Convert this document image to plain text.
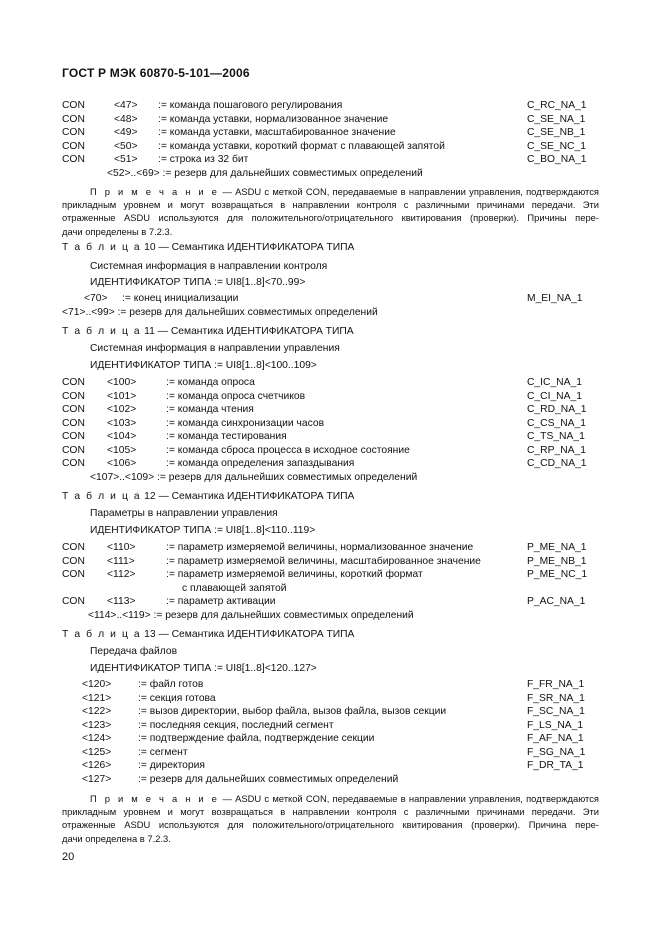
ГОСТ Р МЭК 60870-5-101—2006
CON	<47> := команда пошагового регулирования	C_RC_NA_1
CON	<48> := команда уставки, нормализованное значение	C_SE_NA_1
CON	<49> := команда уставки, масштабированное значение	C_SE_NB_1
CON	<50> := команда уставки, короткий формат с плавающей запятой	C_SE_NC_1
CON	<51> := строка из 32 бит	C_BO_NA_1
<52>..<69> := резерв для дальнейших совместимых определений
П р и м е ч а н и е — ASDU с меткой CON, передаваемые в направлении управления, подтверждаются
прикладным уровнем и могут возвращаться в направлении контроля с различными причинами передачи. Эти
отраженные ASDU используются для положительного/отрицательного квитирования (проверки). Причины пере-
дачи определены в 7.2.3.
Т а б л и ц а 10 — Семантика ИДЕНТИФИКАТОРА ТИПА
Системная информация в направлении контроля
ИДЕНТИФИКАТОР ТИПА := UI8[1..8]<70..99>
<70> := конец инициализации	M_EI_NA_1
<71>..<99> := резерв для дальнейших совместимых определений
Т а б л и ц а 11 — Семантика ИДЕНТИФИКАТОРА ТИПА
Системная информация в направлении управления
ИДЕНТИФИКАТОР ТИПА := UI8[1..8]<100..109>
CON <100>	:= команда опроса	C_IC_NA_1
CON <101>	:= команда опроса счетчиков	C_CI_NA_1
CON <102>	:= команда чтения	C_RD_NA_1
CON <103>	:= команда синхронизации часов	C_CS_NA_1
CON <104>	:= команда тестирования	C_TS_NA_1
CON <105>	:= команда сброса процесса в исходное состояние	C_RP_NA_1
CON <106>	:= команда определения запаздывания	C_CD_NA_1
<107>..<109> := резерв для дальнейших совместимых определений
Т а б л и ц а 12 — Семантика ИДЕНТИФИКАТОРА ТИПА
Параметры в направлении управления
ИДЕНТИФИКАТОР ТИПА := UI8[1..8]<110..119>
CON <110>	:= параметр измеряемой величины, нормализованное значение	P_ME_NA_1
CON <111>	:= параметр измеряемой величины, масштабированное значение	P_ME_NB_1
CON <112>	:= параметр измеряемой величины, короткий формат	P_ME_NC_1
с плавающей запятой
CON <113>	:= параметр активации	P_AC_NA_1
<114>..<119> := резерв для дальнейших совместимых определений
Т а б л и ц а 13 — Семантика ИДЕНТИФИКАТОРА ТИПА
Передача файлов
ИДЕНТИФИКАТОР ТИПА := UI8[1..8]<120..127>
<120>	:= файл готов	F_FR_NA_1
<121>	:= секция готова	F_SR_NA_1
<122>	:= вызов директории, выбор файла, вызов файла, вызов секции	F_SC_NA_1
<123>	:= последняя секция, последний сегмент	F_LS_NA_1
<124>	:= подтверждение файла, подтверждение секции	F_AF_NA_1
<125>	:= сегмент	F_SG_NA_1
<126>	:= директория	F_DR_TA_1
<127>	:= резерв для дальнейших совместимых определений
П р и м е ч а н и е — ASDU с меткой CON, передаваемые в направлении управления, подтверждаются
прикладным уровнем и могут возвращаться в направлении контроля с различными причинами передачи. Эти
отраженные ASDU используются для положительного/отрицательного квитирования (проверки). Причина пере-
дачи определена в 7.2.3.
20
